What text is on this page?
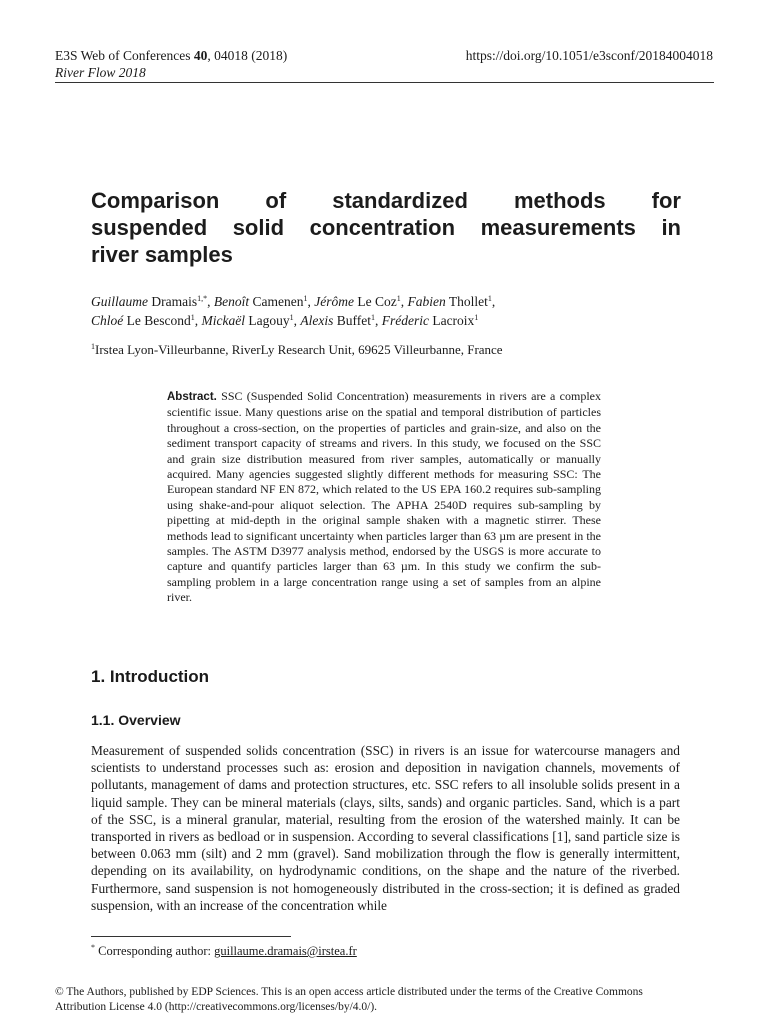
E3S Web of Conferences 40, 04018 (2018)
River Flow 2018
https://doi.org/10.1051/e3sconf/20184004018
Comparison of standardized methods for
suspended solid concentration measurements in
river samples
Guillaume Dramais$^{1,*}$, Benoît Camenen$^1$, Jérôme Le Coz$^1$, Fabien Thollet$^1$,
Chloé Le Bescond$^1$, Mickaël Lagouy$^1$, Alexis Buffet$^1$, Fréderic Lacroix$^1$
$^1$Irstea Lyon-Villeurbanne, RiverLy Research Unit, 69625 Villeurbanne, France
Abstract. SSC (Suspended Solid Concentration) measurements in rivers are a complex scientific issue. Many questions arise on the spatial and temporal distribution of particles throughout a cross-section, on the properties of particles and grain-size, and also on the sediment transport capacity of streams and rivers. In this study, we focused on the SSC and grain size distribution measured from river samples, automatically or manually acquired. Many agencies suggested slightly different methods for measuring SSC: The European standard NF EN 872, which related to the US EPA 160.2 requires sub-sampling using shake-and-pour aliquot selection. The APHA 2540D requires sub-sampling by pipetting at mid-depth in the original sample shaken with a magnetic stirrer. These methods lead to significant uncertainty when particles larger than 63 µm are present in the samples. The ASTM D3977 analysis method, endorsed by the USGS is more accurate to capture and quantify particles larger than 63 µm. In this study we confirm the sub-sampling problem in a large concentration range using a set of samples from an alpine river.
1. Introduction
1.1. Overview
Measurement of suspended solids concentration (SSC) in rivers is an issue for watercourse managers and scientists to understand processes such as: erosion and deposition in navigation channels, movements of pollutants, management of dams and protection structures, etc. SSC refers to all insoluble solids present in a liquid sample. They can be mineral materials (clays, silts, sands) and organic particles. Sand, which is a part of the SSC, is a mineral granular, material, resulting from the erosion of the watershed mainly. It can be transported in rivers as bedload or in suspension. According to several classifications [1], sand particle size is between 0.063 mm (silt) and 2 mm (gravel). Sand mobilization through the flow is generally intermittent, depending on its availability, on hydrodynamic conditions, on the shape and the nature of the riverbed. Furthermore, sand suspension is not homogeneously distributed in the cross-section; it is defined as graded suspension, with an increase of the concentration while
* Corresponding author: guillaume.dramais@irstea.fr
© The Authors, published by EDP Sciences. This is an open access article distributed under the terms of the Creative Commons
Attribution License 4.0 (http://creativecommons.org/licenses/by/4.0/).
